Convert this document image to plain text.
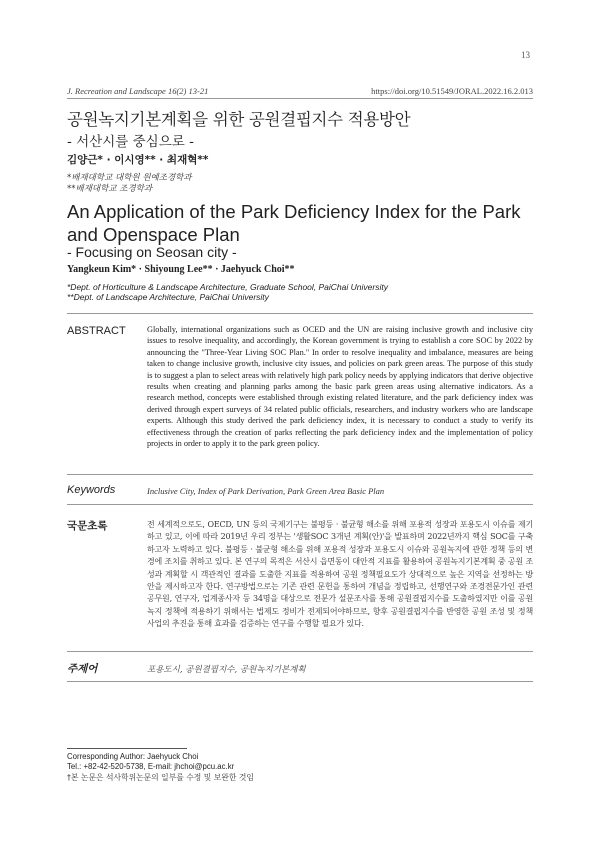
13
J. Recreation and Landscape 16(2) 13-21	https://doi.org/10.51549/JORAL.2022.16.2.013
공원녹지기본계획을 위한 공원결핍지수 적용방안
- 서산시를 중심으로 -
김양근* · 이시영** · 최재혁**
*배재대학교 대학원 원예조경학과
**배재대학교 조경학과
An Application of the Park Deficiency Index for the Park and Openspace Plan
- Focusing on Seosan city -
Yangkeun Kim* · Shiyoung Lee** · Jaehyuck Choi**
*Dept. of Horticulture & Landscape Architecture, Graduate School, PaiChai University
**Dept. of Landscape Architecture, PaiChai University
ABSTRACT	Globally, international organizations such as OCED and the UN are raising inclusive growth and inclusive city issues to resolve inequality, and accordingly, the Korean government is trying to establish a core SOC by 2022 by announcing the "Three-Year Living SOC Plan." In order to resolve inequality and imbalance, measures are being taken to change inclusive growth, inclusive city issues, and policies on park green areas. The purpose of this study is to suggest a plan to select areas with relatively high park policy needs by applying indicators that derive objective results when creating and planning parks among the basic park green areas using alternative indicators. As a research method, concepts were established through existing related literature, and the park deficiency index was derived through expert surveys of 34 related public officials, researchers, and industry workers who are landscape experts. Although this study derived the park deficiency index, it is necessary to conduct a study to verify its effectiveness through the creation of parks reflecting the park deficiency index and the implementation of policy projects in order to apply it to the park green policy.
Keywords	Inclusive City, Index of Park Derivation, Park Green Area Basic Plan
국문초록	전 세계적으로도, OECD, UN 등의 국제기구는 불평등 · 불균형 해소를 위해 포용적 성장과 포용도시 이슈를 제기하고 있고, 이에 따라 2019년 우리 정부는 '생활SOC 3개년 계획(안)'을 발표하며 2022년까지 핵심 SOC를 구축하고자 노력하고 있다. 불평등 · 불균형 해소를 위해 포용적 성장과 포용도시 이슈와 공원녹지에 관한 정책 등의 변경에 조치를 취하고 있다. 본 연구의 목적은 서산시 읍면동이 대안적 지표를 활용하여 공원녹지기본계획 중 공원 조성과 계획할 시 객관적인 결과를 도출한 지표를 적용하여 공원 정책필요도가 상대적으로 높은 지역을 선정하는 방안을 제시하고자 한다. 연구방법으로는 기존 관련 문헌을 통하여 개념을 정립하고, 선행연구와 조경전문가인 관련 공무원, 연구자, 업계종사자 등 34명을 대상으로 전문가 설문조사를 통해 공원결핍지수를 도출하였지만 이를 공원 녹지 정책에 적용하기 위해서는 법제도 정비가 전제되어야하므로, 향후 공원결핍지수를 반영한 공원 조성 및 정책사업의 추진을 통해 효과를 검증하는 연구를 수행할 필요가 있다.
주제어	포용도시, 공원결핍지수, 공원녹지기본계획
Corresponding Author: Jaehyuck Choi
Tel.: +82-42-520-5738, E-mail: jhchoi@pcu.ac.kr
†본 논문은 석사학위논문의 일부를 수정 및 보완한 것임
